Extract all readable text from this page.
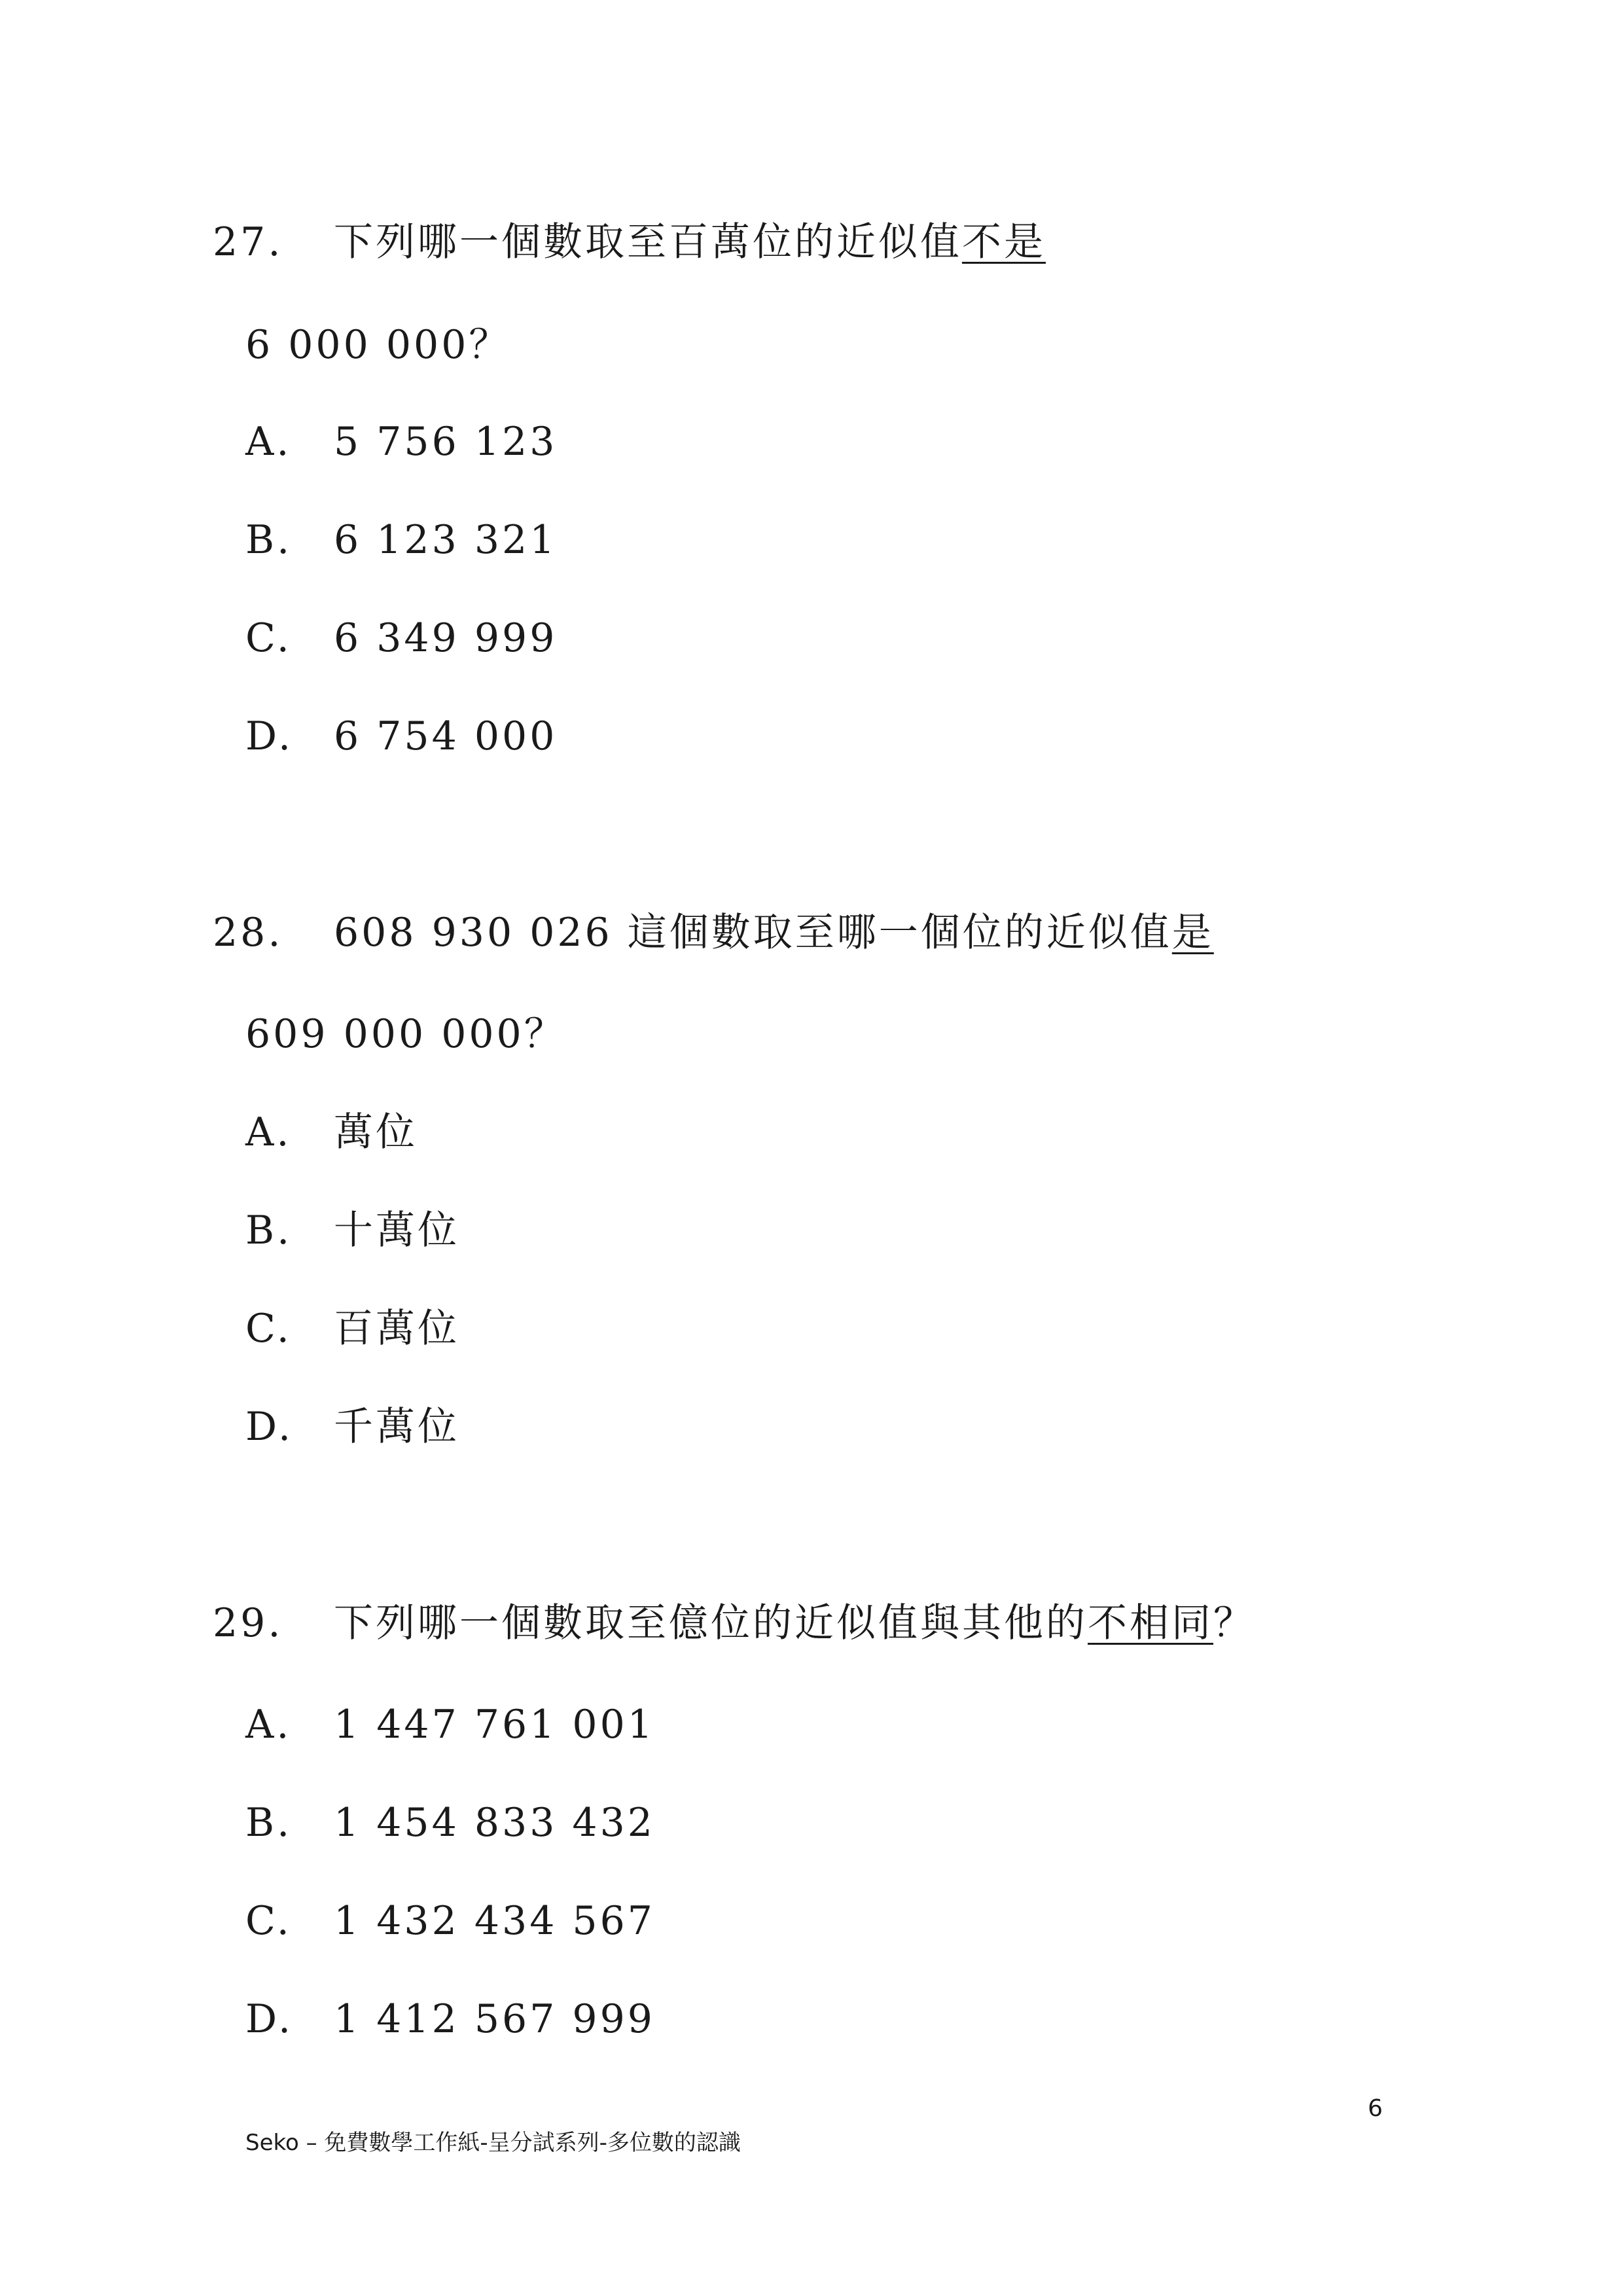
27. 下列哪一個數取至百萬位的近似值不是
6 000 000？
A. 5 756 123
B. 6 123 321
C. 6 349 999
D. 6 754 000
28. 608 930 026 這個數取至哪一個位的近似值是
609 000 000？
A. 萬位
B. 十萬位
C. 百萬位
D. 千萬位
29. 下列哪一個數取至億位的近似值與其他的不相同？
A. 1 447 761 001
B. 1 454 833 432
C. 1 432 434 567
D. 1 412 567 999
6
Seko – 免費數學工作紙-呈分試系列-多位數的認識
